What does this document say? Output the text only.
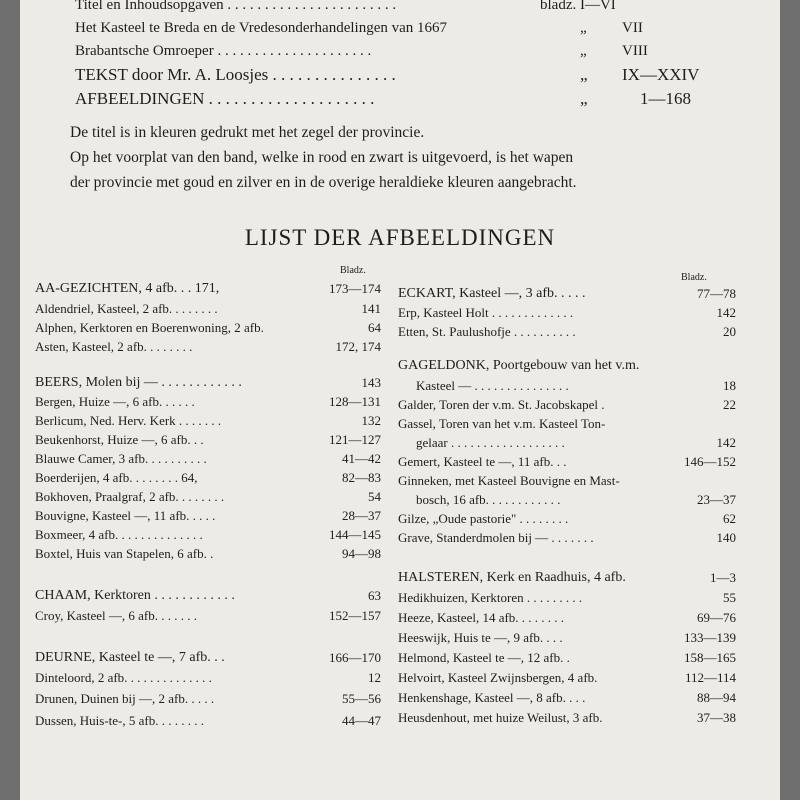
Titel en Inhoudsopgaven . . . . . . . . . . . . . . . . . . . . . . .	bladz. I—VI
Het Kasteel te Breda en de Vredesonderhandelingen van 1667	„ VII
Brabantsche Omroeper . . . . . . . . . . . . . . . . . . . . .	„ VIII
TEKST door Mr. A. Loosjes . . . . . . . . . . . . . . .	„ IX—XXIV
AFBEELDINGEN . . . . . . . . . . . . . . . . . . . .	„	1—168
De titel is in kleuren gedrukt met het zegel der provincie.
Op het voorplat van den band, welke in rood en zwart is uitgevoerd, is het wapen
der provincie met goud en zilver en in de overige heraldieke kleuren aangebracht.
LIJST DER AFBEELDINGEN
Bladz.
AA-GEZICHTEN, 4 afb. . . 171,	173—174
Aldendriel, Kasteel, 2 afb. . . . . . . .	141
Alphen, Kerktoren en Boerenwoning, 2 afb.	64
Asten, Kasteel, 2 afb. . . . . . . .	172, 174
BEERS, Molen bij — . . . . . . . . . . . .	143
Bergen, Huize —, 6 afb. . . . . .	128—131
Berlicum, Ned. Herv. Kerk . . . . . . .	132
Beukenhorst, Huize —, 6 afb. . .	121—127
Blauwe Camer, 3 afb. . . . . . . . . .	41—42
Boerderijen, 4 afb. . . . . . . . 64,	82—83
Bokhoven, Praalgraf, 2 afb. . . . . . . .	54
Bouvigne, Kasteel —, 11 afb. . . . .	28—37
Boxmeer, 4 afb. . . . . . . . . . . . . .	144—145
Boxtel, Huis van Stapelen, 6 afb. .	94—98
CHAAM, Kerktoren . . . . . . . . . . . .	63
Croy, Kasteel —, 6 afb. . . . . . .	152—157
DEURNE, Kasteel te —, 7 afb. . .	166—170
Dinteloord, 2 afb. . . . . . . . . . . . . .	12
Drunen, Duinen bij —, 2 afb. . . . .	55—56
Dussen, Huis-te-, 5 afb. . . . . . . .	44—47
Bladz.
ECKART, Kasteel —, 3 afb. . . . .	77—78
Erp, Kasteel Holt . . . . . . . . . . . . .	142
Etten, St. Paulushofje . . . . . . . . . .	20
GAGELDONK, Poortgebouw van het v.m.
Kasteel — . . . . . . . . . . . . . . .	18
Galder, Toren der v.m. St. Jacobskapel .	22
Gassel, Toren van het v.m. Kasteel Ton-
gelaar . . . . . . . . . . . . . . . . . .	142
Gemert, Kasteel te —, 11 afb. . .	146—152
Ginneken, met Kasteel Bouvigne en Mast-
bosch, 16 afb. . . . . . . . . . . .	23—37
Gilze, „Oude pastorie" . . . . . . . .	62
Grave, Standerdmolen bij — . . . . . . .	140
HALSTEREN, Kerk en Raadhuis, 4 afb.	1—3
Hedikhuizen, Kerktoren . . . . . . . . .	55
Heeze, Kasteel, 14 afb. . . . . . . .	69—76
Heeswijk, Huis te —, 9 afb. . . .	133—139
Helmond, Kasteel te —, 12 afb. .	158—165
Helvoirt, Kasteel Zwijnsbergen, 4 afb.	112—114
Henkenshage, Kasteel —, 8 afb. . . .	88—94
Heusdenhout, met huize Weilust, 3 afb.	37—38
